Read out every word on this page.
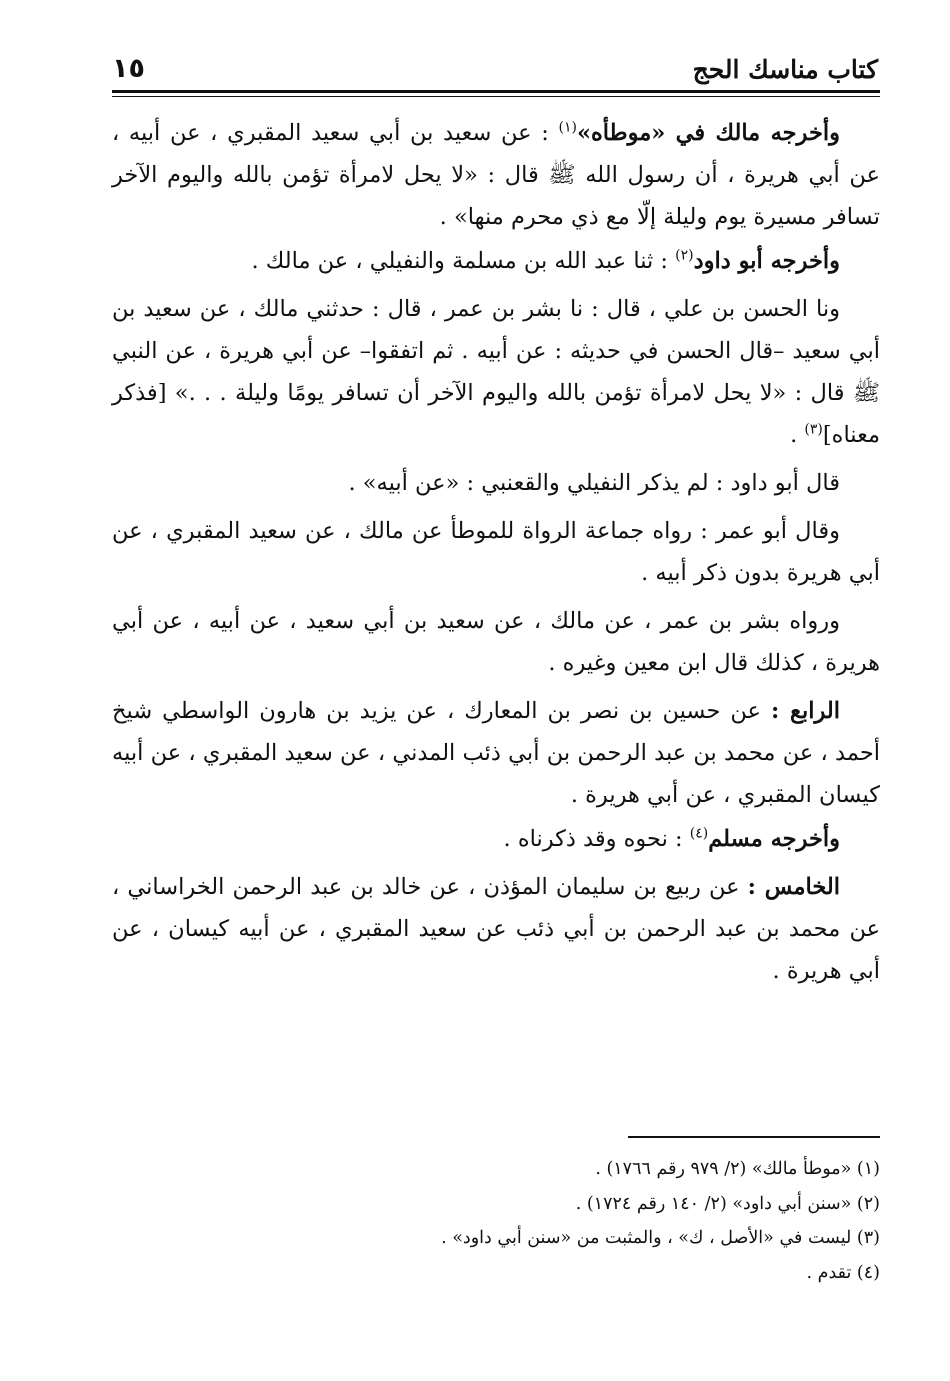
كتاب مناسك الحج
١٥

وأخرجه مالك في «موطأه»$^{(١)}$ : عن سعيد بن أبي سعيد المقبري ، عن أبيه ، عن أبي هريرة ، أن رسول الله ﷺ قال : «لا يحل لامرأة تؤمن بالله واليوم الآخر تسافر مسيرة يوم وليلة إلّا مع ذي محرم منها» .

وأخرجه أبو داود$^{(٢)}$ : ثنا عبد الله بن مسلمة والنفيلي ، عن مالك .

ونا الحسن بن علي ، قال : نا بشر بن عمر ، قال : حدثني مالك ، عن سعيد بن أبي سعيد –قال الحسن في حديثه : عن أبيه . ثم اتفقوا– عن أبي هريرة ، عن النبي ﷺ قال : «لا يحل لامرأة تؤمن بالله واليوم الآخر أن تسافر يومًا وليلة . . .» [فذكر معناه]$^{(٣)}$ .

قال أبو داود : لم يذكر النفيلي والقعنبي : «عن أبيه» .

وقال أبو عمر : رواه جماعة الرواة للموطأ عن مالك ، عن سعيد المقبري ، عن أبي هريرة بدون ذكر أبيه .

ورواه بشر بن عمر ، عن مالك ، عن سعيد بن أبي سعيد ، عن أبيه ، عن أبي هريرة ، كذلك قال ابن معين وغيره .

الرابع : عن حسين بن نصر بن المعارك ، عن يزيد بن هارون الواسطي شيخ أحمد ، عن محمد بن عبد الرحمن بن أبي ذئب المدني ، عن سعيد المقبري ، عن أبيه كيسان المقبري ، عن أبي هريرة .

وأخرجه مسلم$^{(٤)}$ : نحوه وقد ذكرناه .

الخامس : عن ربيع بن سليمان المؤذن ، عن خالد بن عبد الرحمن الخراساني ، عن محمد بن عبد الرحمن بن أبي ذئب عن سعيد المقبري ، عن أبيه كيسان ، عن أبي هريرة .

(١) «موطأ مالك» (٢/ ٩٧٩ رقم ١٧٦٦) .
(٢) «سنن أبي داود» (٢/ ١٤٠ رقم ١٧٢٤) .
(٣) ليست في «الأصل ، ك» ، والمثبت من «سنن أبي داود» .
(٤) تقدم .
